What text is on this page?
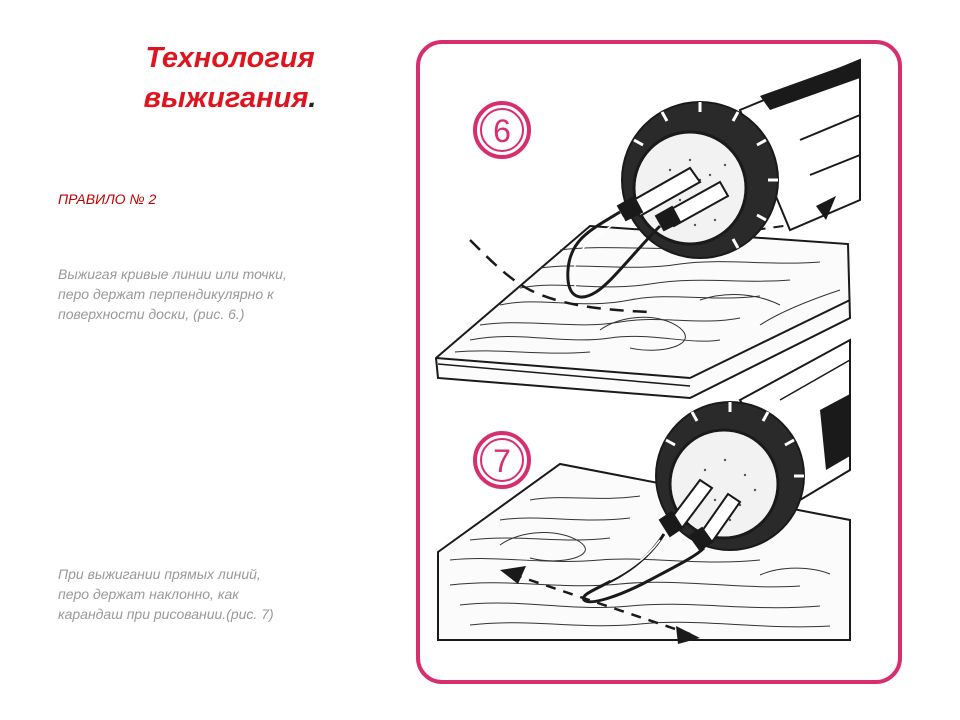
Технология
выжигания.
ПРАВИЛО № 2
Выжигая кривые линии или точки,
перо держат перпендикулярно к
поверхности доски, (рис. 6.)
При выжигании прямых линий,
перо держат наклонно, как
карандаш при рисовании.(рис. 7)
6
7
